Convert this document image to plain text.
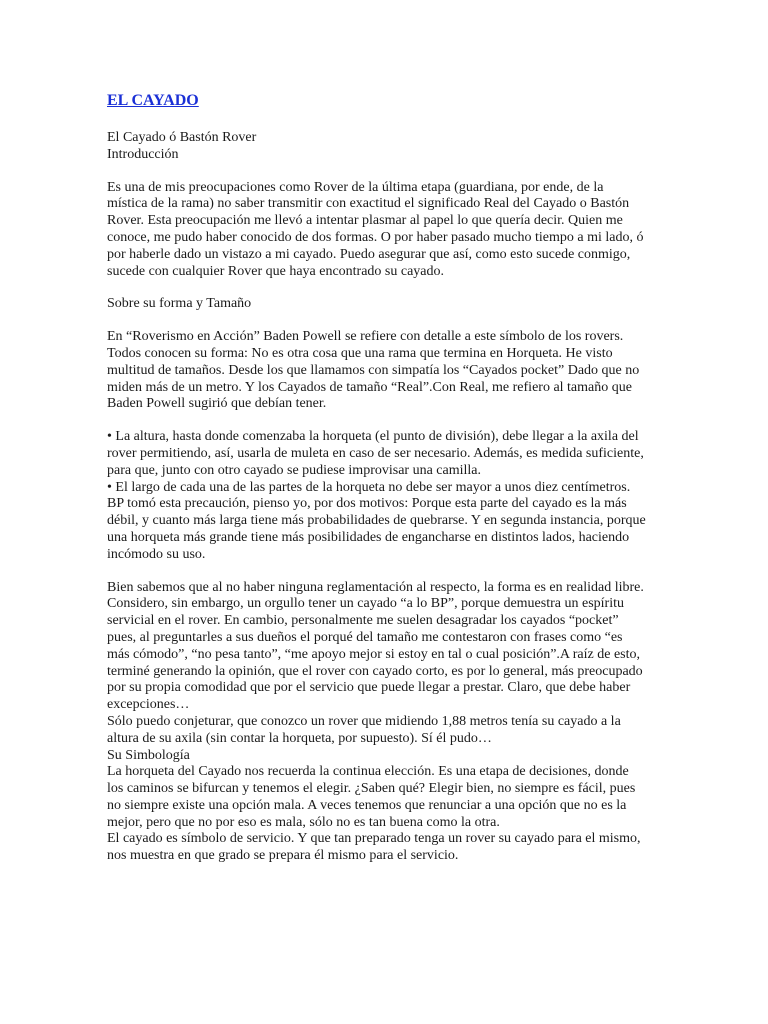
EL CAYADO

El Cayado ó Bastón Rover

Introducción

Es una de mis preocupaciones como Rover de la última etapa (guardiana, por ende, de la mística de la rama) no saber transmitir con exactitud el significado Real del Cayado o Bastón Rover. Esta preocupación me llevó a intentar plasmar al papel lo que quería decir. Quien me conoce, me pudo haber conocido de dos formas. O por haber pasado mucho tiempo a mi lado, ó por haberle dado un vistazo a mi cayado. Puedo asegurar que así, como esto sucede conmigo, sucede con cualquier Rover que haya encontrado su cayado.

Sobre su forma y Tamaño

En “Roverismo en Acción” Baden Powell se refiere con detalle a este símbolo de los rovers. Todos conocen su forma: No es otra cosa que una rama que termina en Horqueta. He visto multitud de tamaños. Desde los que llamamos con simpatía los “Cayados pocket” Dado que no miden más de un metro. Y los Cayados de tamaño “Real”.Con Real, me refiero al tamaño que Baden Powell sugirió que debían tener.

• La altura, hasta donde comenzaba la horqueta (el punto de división), debe llegar a la axila del rover permitiendo, así, usarla de muleta en caso de ser necesario. Además, es medida suficiente, para que, junto con otro cayado se pudiese improvisar una camilla.

• El largo de cada una de las partes de la horqueta no debe ser mayor a unos diez centímetros. BP tomó esta precaución, pienso yo, por dos motivos: Porque esta parte del cayado es la más débil, y cuanto más larga tiene más probabilidades de quebrarse. Y en segunda instancia, porque una horqueta más grande tiene más posibilidades de engancharse en distintos lados, haciendo incómodo su uso.

Bien sabemos que al no haber ninguna reglamentación al respecto, la forma es en realidad libre. Considero, sin embargo, un orgullo tener un cayado “a lo BP”, porque demuestra un espíritu servicial en el rover. En cambio, personalmente me suelen desagradar los cayados “pocket” pues, al preguntarles a sus dueños el porqué del tamaño me contestaron con frases como “es más cómodo”, “no pesa tanto”, “me apoyo mejor si estoy en tal o cual posición”.A raíz de esto, terminé generando la opinión, que el rover con cayado corto, es por lo general, más preocupado por su propia comodidad que por el servicio que puede llegar a prestar. Claro, que debe haber excepciones…

Sólo puedo conjeturar, que conozco un rover que midiendo 1,88 metros tenía su cayado a la altura de su axila (sin contar la horqueta, por supuesto). Sí él pudo…

Su Simbología

La horqueta del Cayado nos recuerda la continua elección. Es una etapa de decisiones, donde los caminos se bifurcan y tenemos el elegir. ¿Saben qué? Elegir bien, no siempre es fácil, pues no siempre existe una opción mala. A veces tenemos que renunciar a una opción que no es la mejor, pero que no por eso es mala, sólo no es tan buena como la otra.

El cayado es símbolo de servicio. Y que tan preparado tenga un rover su cayado para el mismo, nos muestra en que grado se prepara él mismo para el servicio.
